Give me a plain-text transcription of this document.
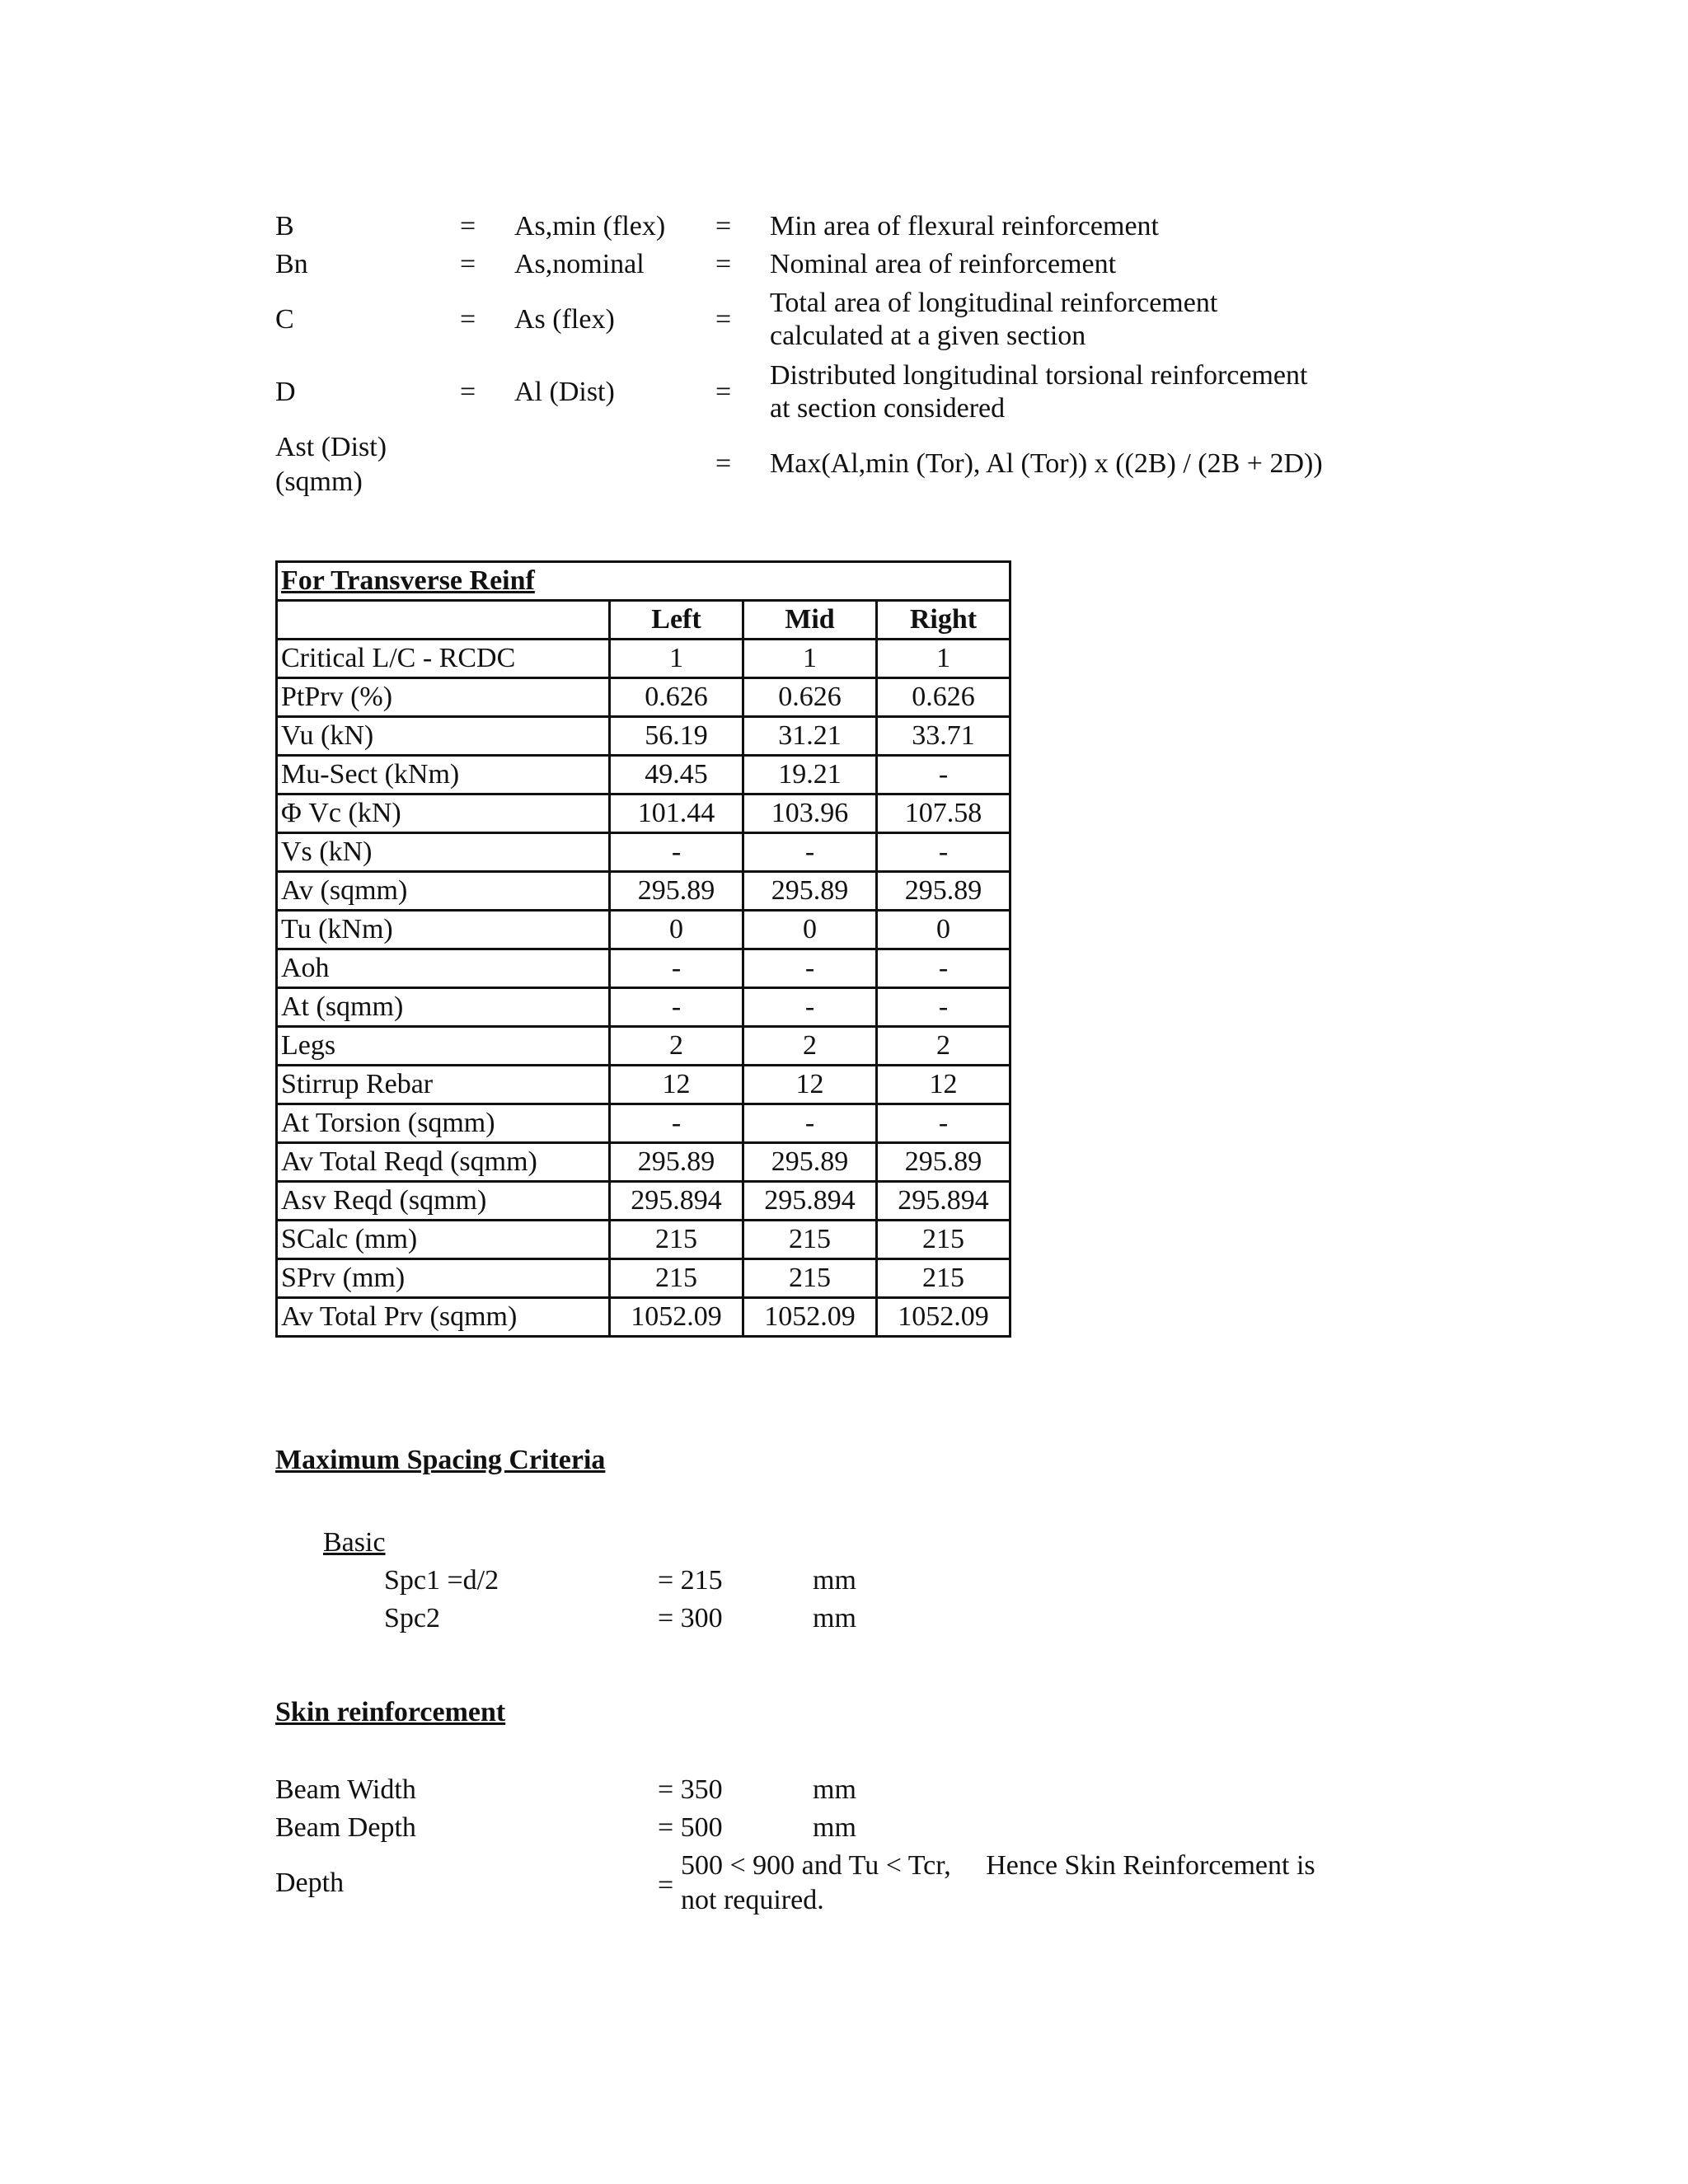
B	= As,min (flex) = Min area of flexural reinforcement
Bn	= As,nominal	= Nominal area of reinforcement
C	= As (flex)	=
Total area of longitudinal reinforcement
calculated at a given section
D	= Al (Dist)	=
Distributed longitudinal torsional reinforcement
at section considered
Ast (Dist)
(sqmm)
= Max(Al,min (Tor), Al (Tor)) x ((2B) / (2B + 2D))
For Transverse Reinf			
	Left	Mid	Right
Critical L/C - RCDC	1	1	1
PtPrv (%)	0.626	0.626	0.626
Vu (kN)	56.19	31.21	33.71
Mu-Sect (kNm)	49.45	19.21	-
Φ Vc (kN)	101.44	103.96	107.58
Vs (kN)	-	-	-
Av (sqmm)	295.89	295.89	295.89
Tu (kNm)	0	0	0
Aoh	-	-	-
At (sqmm)	-	-	-
Legs	2	2	2
Stirrup Rebar	12	12	12
At Torsion (sqmm)	-	-	-
Av Total Reqd (sqmm)	295.89	295.89	295.89
Asv Reqd (sqmm)	295.894	295.894	295.894
SCalc (mm)	215	215	215
SPrv (mm)	215	215	215
Av Total Prv (sqmm)	1052.09	1052.09	1052.09
Maximum Spacing Criteria
Basic
Spc1 =d/2	= 215	mm
Spc2	= 300	mm
Skin reinforcement
Beam Width	= 350	mm
Beam Depth	= 500	mm
Depth	=
500 < 900 and Tu < Tcr,     Hence Skin Reinforcement is
not required.
